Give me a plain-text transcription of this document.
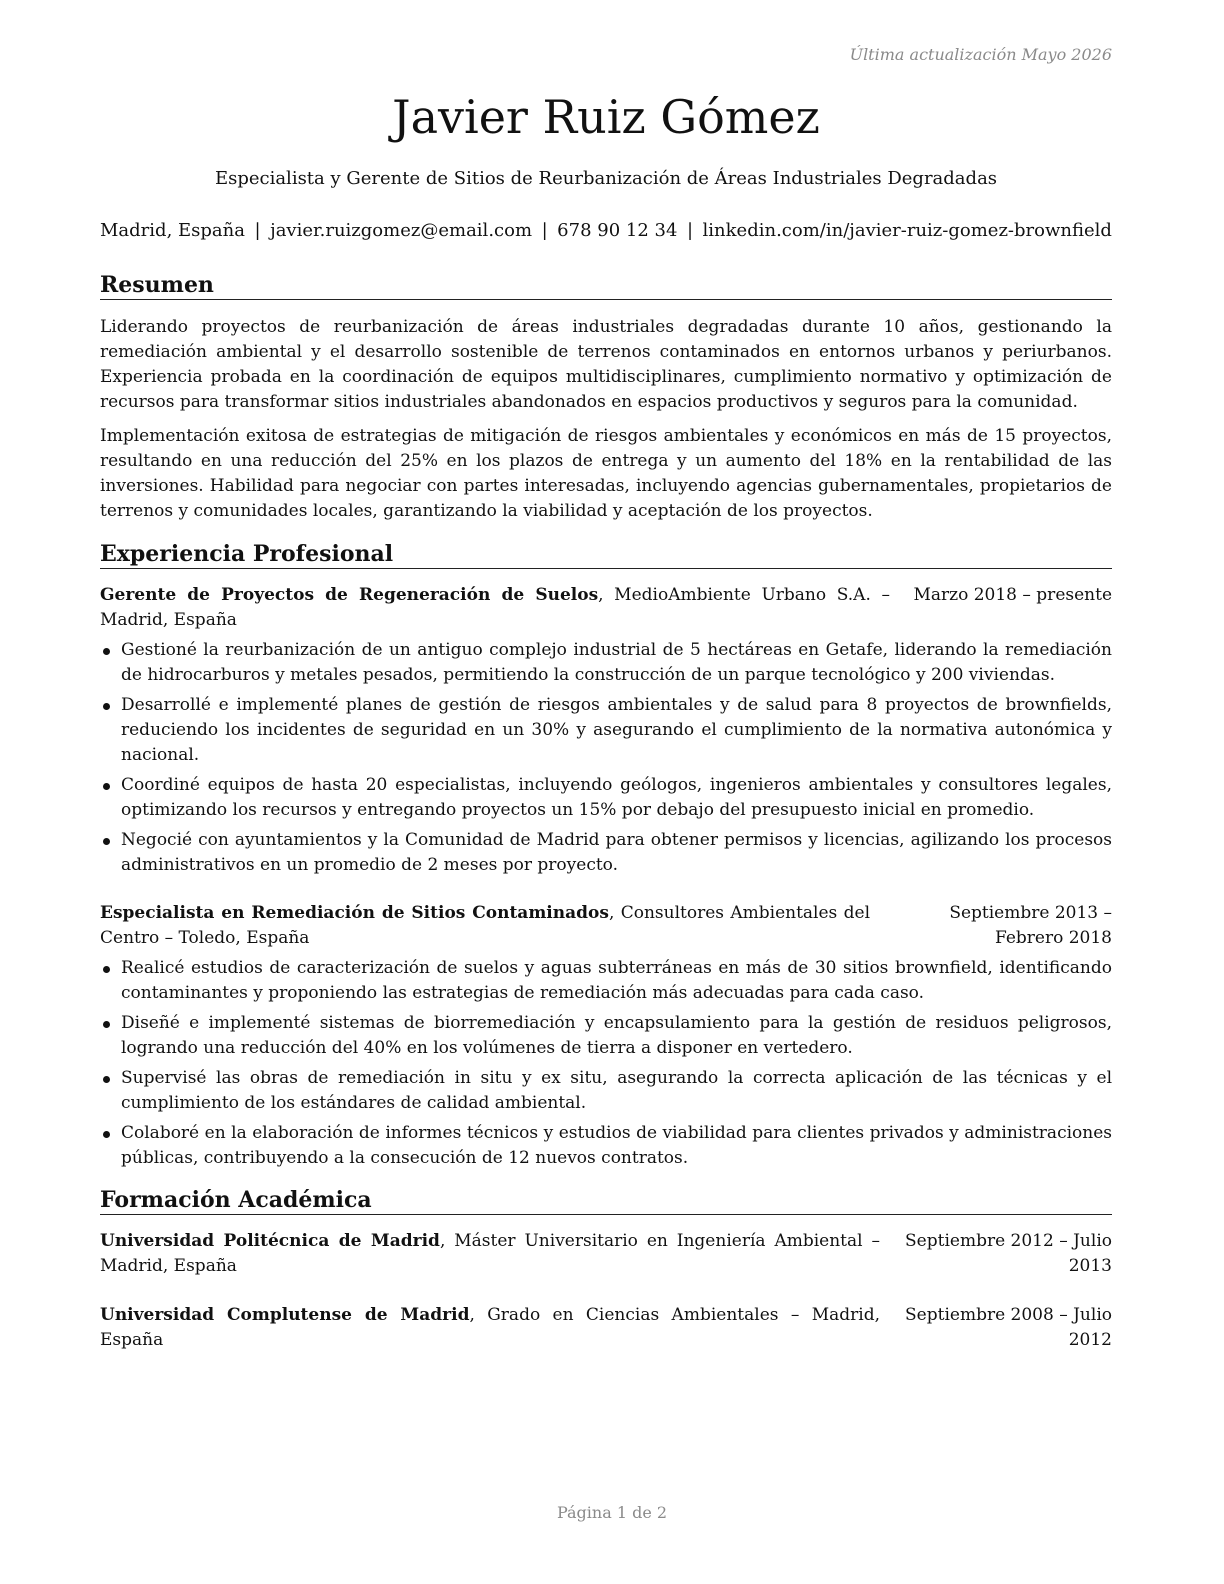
Última actualización Mayo 2026
Javier Ruiz Gómez
Especialista y Gerente de Sitios de Reurbanización de Áreas Industriales Degradadas
Madrid, España | javier.ruizgomez@email.com | 678 90 12 34 | linkedin.com/in/javier-ruiz-gomez-brownfield
Resumen
Liderando proyectos de reurbanización de áreas industriales degradadas durante 10 años, gestionando la remediación ambiental y el desarrollo sostenible de terrenos contaminados en entornos urbanos y periurbanos. Experiencia probada en la coordinación de equipos multidisciplinares, cumplimiento normativo y optimización de recursos para transformar sitios industriales abandonados en espacios productivos y seguros para la comunidad.
Implementación exitosa de estrategias de mitigación de riesgos ambientales y económicos en más de 15 proyectos, resultando en una reducción del 25% en los plazos de entrega y un aumento del 18% en la rentabilidad de las inversiones. Habilidad para negociar con partes interesadas, incluyendo agencias gubernamentales, propietarios de terrenos y comunidades locales, garantizando la viabilidad y aceptación de los proyectos.
Experiencia Profesional
Gerente de Proyectos de Regeneración de Suelos, MedioAmbiente Urbano S.A. – Madrid, España
Marzo 2018 – presente
Gestioné la reurbanización de un antiguo complejo industrial de 5 hectáreas en Getafe, liderando la remediación de hidrocarburos y metales pesados, permitiendo la construcción de un parque tecnológico y 200 viviendas.
Desarrollé e implementé planes de gestión de riesgos ambientales y de salud para 8 proyectos de brownfields, reduciendo los incidentes de seguridad en un 30% y asegurando el cumplimiento de la normativa autonómica y nacional.
Coordiné equipos de hasta 20 especialistas, incluyendo geólogos, ingenieros ambientales y consultores legales, optimizando los recursos y entregando proyectos un 15% por debajo del presupuesto inicial en promedio.
Negocié con ayuntamientos y la Comunidad de Madrid para obtener permisos y licencias, agilizando los procesos administrativos en un promedio de 2 meses por proyecto.
Especialista en Remediación de Sitios Contaminados, Consultores Ambientales del Centro – Toledo, España
Septiembre 2013 – Febrero 2018
Realicé estudios de caracterización de suelos y aguas subterráneas en más de 30 sitios brownfield, identificando contaminantes y proponiendo las estrategias de remediación más adecuadas para cada caso.
Diseñé e implementé sistemas de biorremediación y encapsulamiento para la gestión de residuos peligrosos, logrando una reducción del 40% en los volúmenes de tierra a disponer en vertedero.
Supervisé las obras de remediación in situ y ex situ, asegurando la correcta aplicación de las técnicas y el cumplimiento de los estándares de calidad ambiental.
Colaboré en la elaboración de informes técnicos y estudios de viabilidad para clientes privados y administraciones públicas, contribuyendo a la consecución de 12 nuevos contratos.
Formación Académica
Universidad Politécnica de Madrid, Máster Universitario en Ingeniería Ambiental – Madrid, España
Septiembre 2012 – Julio 2013
Universidad Complutense de Madrid, Grado en Ciencias Ambientales – Madrid, España
Septiembre 2008 – Julio 2012
Página 1 de 2
